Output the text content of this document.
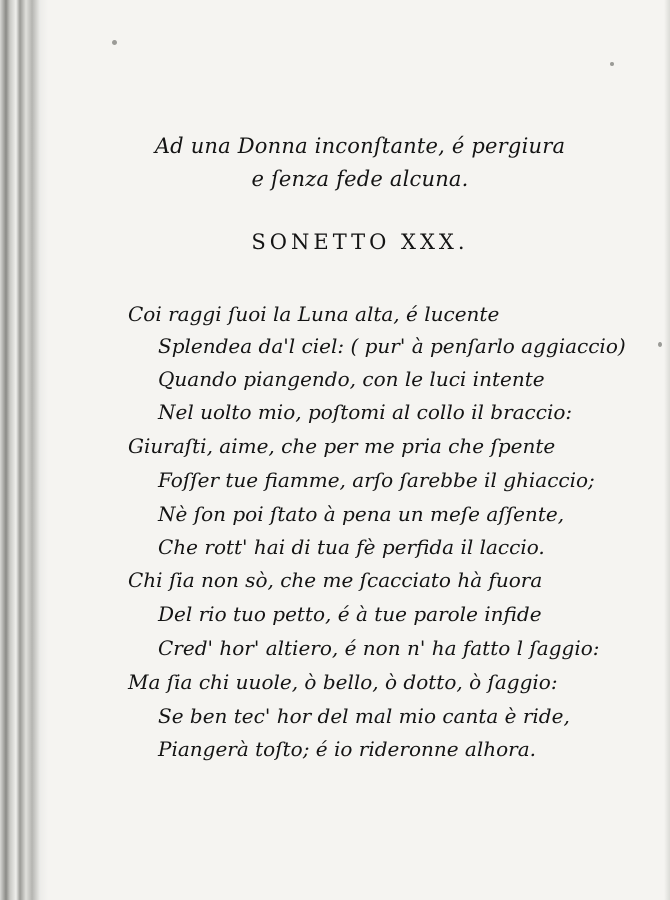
Ad una Donna inconſtante, é pergiura
e ſenza fede alcuna.
SONETTO XXX.
Coi raggi ſuoi la Luna alta, é lucente
Splendea da'l ciel: ( pur' à penſarlo aggiaccio)
Quando piangendo, con le luci intente
Nel uolto mio, poſtomi al collo il braccio:
Giuraſti, aime, che per me pria che ſpente
Foſſer tue fiamme, arſo ſarebbe il ghiaccio;
Nè ſon poi ſtato à pena un meſe aſſente,
Che rott' hai di tua fè perfida il laccio.
Chi ſia non sò, che me ſcacciato hà fuora
Del rio tuo petto, é à tue parole infide
Cred' hor' altiero, é non n' ha fatto l ſaggio:
Ma ſia chi uuole, ò bello, ò dotto, ò ſaggio:
Se ben tec' hor del mal mio canta è ride,
Piangerà toſto; é io rideronne alhora.
